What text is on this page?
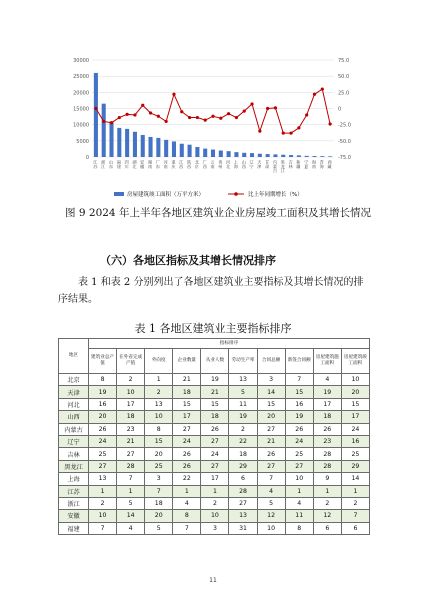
30000
25000
20000
15000
10000
5000
0
75.0
50.0
25.0
0
-25.0
-50.0
-75.0
江苏 浙江 山东 福建 四川 湖北 安徽 湖南 广东 河南 重庆 江西 陕西 北京 广西 云南 贵州 河北 上海 山西 辽宁 天津 甘肃 内蒙古 黑龙江 吉林 新疆 宁夏 海南 青海 西藏
房屋建筑竣工面积（万平方米）	比上年同期增长（%）
图 9 2024 年上半年各地区建筑业企业房屋竣工面积及其增长情况
（六）各地区指标及其增长情况排序
表 1 和表 2 分别列出了各地区建筑业主要指标及其增长情况的排序结果。
表 1 各地区建筑业主要指标排序
地区	指标排序									
	建筑业总产值	在外省完成产值	外向度	企业数量	从业人数	劳动生产率	合同总额	新签合同额	房屋建筑施工面积	房屋建筑竣工面积
北京	8	2	1	21	19	13	3	7	4	10
天津	19	10	2	18	21	5	14	15	19	20
河北	16	17	13	15	15	11	15	16	17	15
山西	20	18	10	17	18	19	20	19	18	17
内蒙古	26	23	8	27	26	2	27	26	26	24
辽宁	24	21	15	24	27	22	21	24	23	16
吉林	25	27	20	26	24	18	26	25	28	25
黑龙江	27	28	25	26	27	29	27	27	28	29
上海	13	7	3	22	17	6	7	10	9	14
江苏	1	1	7	1	1	28	4	1	1	1
浙江	2	5	18	4	2	27	5	4	2	2
安徽	10	14	20	8	10	13	12	11	12	7
福建	7	4	5	7	3	31	10	8	6	6
11
